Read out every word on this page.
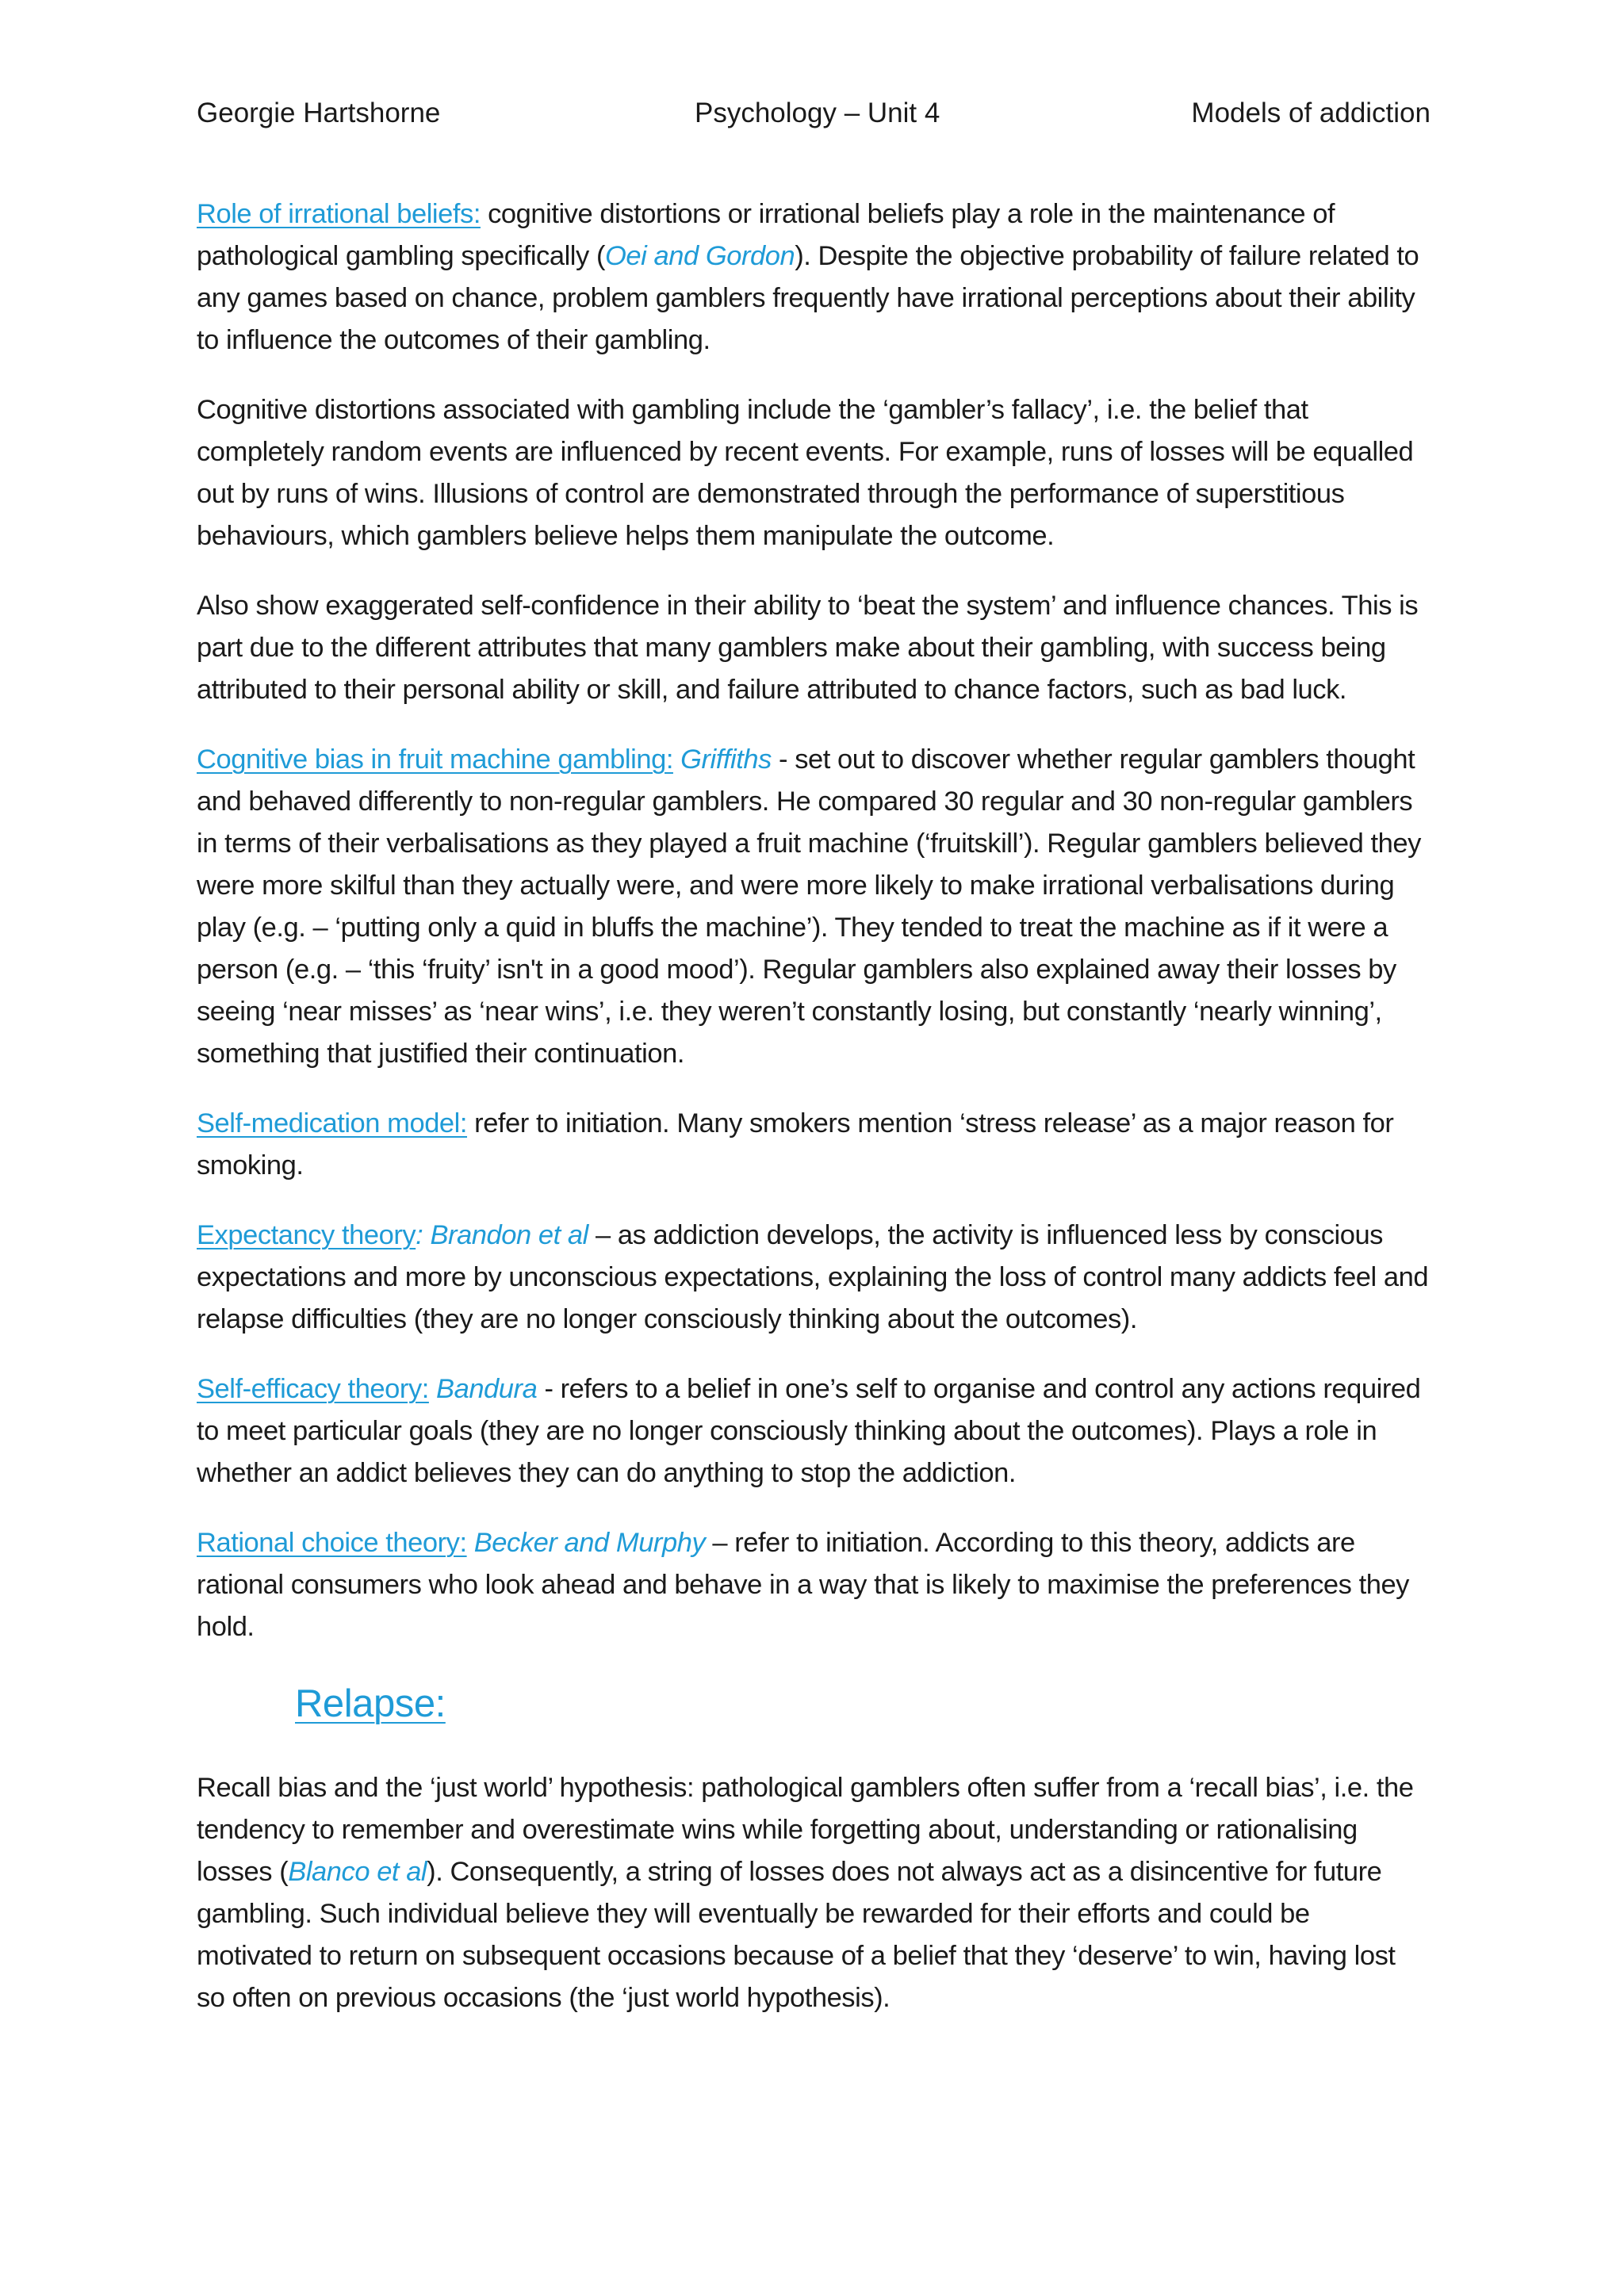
Georgie Hartshorne	Psychology – Unit 4	Models of addiction

Role of irrational beliefs: cognitive distortions or irrational beliefs play a role in the maintenance of pathological gambling specifically (Oei and Gordon). Despite the objective probability of failure related to any games based on chance, problem gamblers frequently have irrational perceptions about their ability to influence the outcomes of their gambling.

Cognitive distortions associated with gambling include the ‘gambler’s fallacy’, i.e. the belief that completely random events are influenced by recent events. For example, runs of losses will be equalled out by runs of wins. Illusions of control are demonstrated through the performance of superstitious behaviours, which gamblers believe helps them manipulate the outcome.

Also show exaggerated self-confidence in their ability to ‘beat the system’ and influence chances. This is part due to the different attributes that many gamblers make about their gambling, with success being attributed to their personal ability or skill, and failure attributed to chance factors, such as bad luck.

Cognitive bias in fruit machine gambling: Griffiths - set out to discover whether regular gamblers thought and behaved differently to non-regular gamblers. He compared 30 regular and 30 non-regular gamblers in terms of their verbalisations as they played a fruit machine (‘fruitskill’). Regular gamblers believed they were more skilful than they actually were, and were more likely to make irrational verbalisations during play (e.g. – ‘putting only a quid in bluffs the machine’). They tended to treat the machine as if it were a person (e.g. – ‘this ‘fruity’ isn't in a good mood’). Regular gamblers also explained away their losses by seeing ‘near misses’ as ‘near wins’, i.e. they weren’t constantly losing, but constantly ‘nearly winning’, something that justified their continuation.

Self-medication model: refer to initiation. Many smokers mention ‘stress release’ as a major reason for smoking.

Expectancy theory: Brandon et al – as addiction develops, the activity is influenced less by conscious expectations and more by unconscious expectations, explaining the loss of control many addicts feel and relapse difficulties (they are no longer consciously thinking about the outcomes).

Self-efficacy theory: Bandura - refers to a belief in one’s self to organise and control any actions required to meet particular goals (they are no longer consciously thinking about the outcomes). Plays a role in whether an addict believes they can do anything to stop the addiction.

Rational choice theory: Becker and Murphy – refer to initiation. According to this theory, addicts are rational consumers who look ahead and behave in a way that is likely to maximise the preferences they hold.

Relapse:

Recall bias and the ‘just world’ hypothesis: pathological gamblers often suffer from a ‘recall bias’, i.e. the tendency to remember and overestimate wins while forgetting about, understanding or rationalising losses (Blanco et al). Consequently, a string of losses does not always act as a disincentive for future gambling. Such individual believe they will eventually be rewarded for their efforts and could be motivated to return on subsequent occasions because of a belief that they ‘deserve’ to win, having lost so often on previous occasions (the ‘just world hypothesis).
